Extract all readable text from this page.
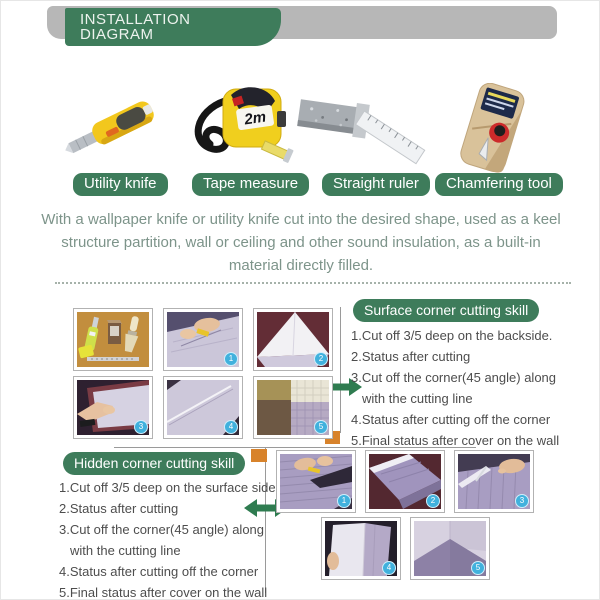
INSTALLATION
DIAGRAM
2m
Utility knife	Tape measure	Straight ruler	Chamfering tool
With a wallpaper knife or utility knife cut into the desired shape, used as a keel
structure partition, wall or ceiling and other sound insulation, as a built-in
material directly filled.
1	2
3	4	5
Surface corner cutting skill

1.Cut off 3/5 deep on the backside.

2.Status after cutting

3.Cut off the corner(45 angle) along

with the cutting line

4.Status after cutting off the corner

5.Final status after cover on the wall

Hidden corner cutting skill

1.Cut off 3/5 deep on the surface side

2.Status after cutting

3.Cut off the corner(45 angle) along

with the cutting line

4.Status after cutting off the corner

5.Final status after cover on the wall

1	2	3
4	5
